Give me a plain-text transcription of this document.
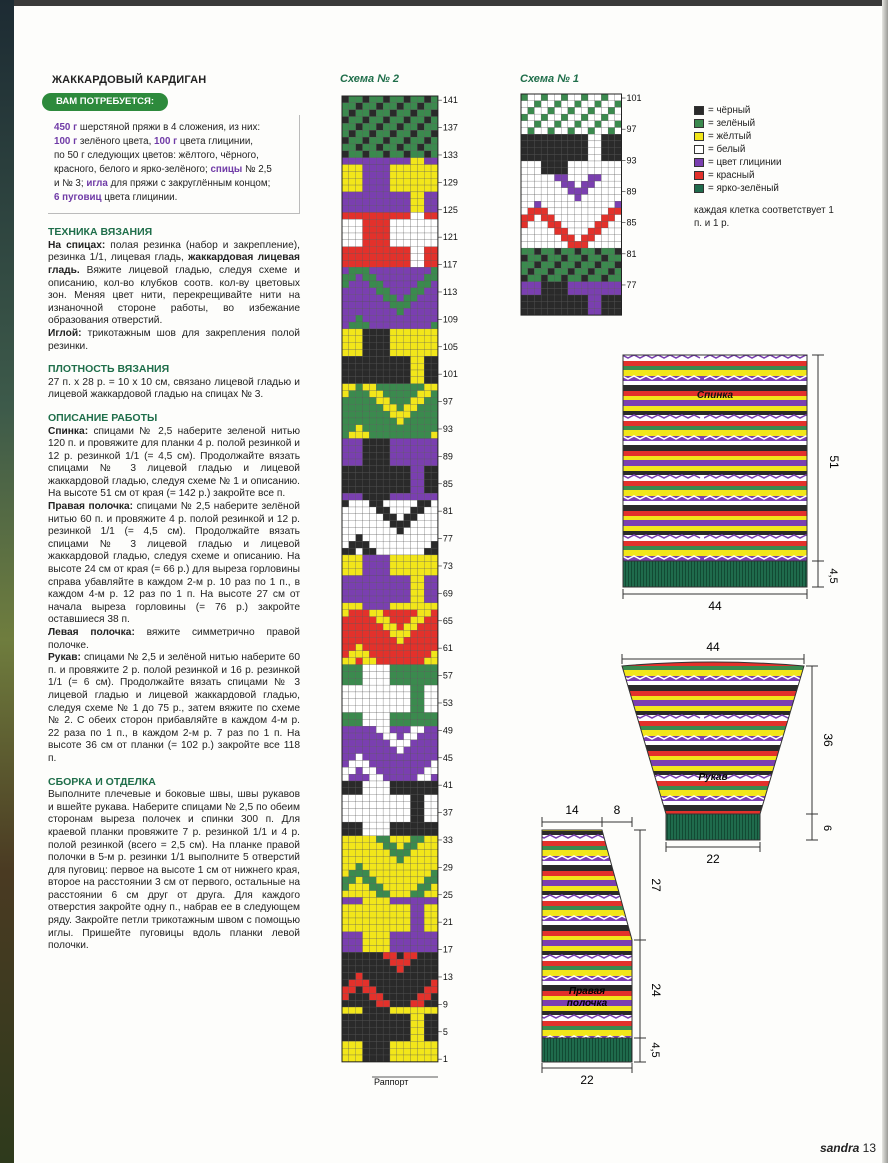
ЖАККАРДОВЫЙ КАРДИГАН
ВАМ ПОТРЕБУЕТСЯ:
450 г шерстяной пряжи в 4 сложения, из них:
100 г зелёного цвета, 100 г цвета глицинии,
по 50 г следующих цветов: жёлтого, чёрного,
красного, белого и ярко-зелёного; спицы № 2,5
и № 3; игла для пряжи с закруглённым концом;
6 пуговиц цвета глицинии.
ТЕХНИКА ВЯЗАНИЯ

На спицах: полая резинка (набор и закрепление), резинка 1/1, лицевая гладь, жаккардовая лицевая гладь. Вяжите лицевой гладью, следуя схеме и описанию, кол-во клубков соотв. кол-ву цветовых зон. Меняя цвет нити, перекрещивайте нити на изнаночной стороне работы, во избежание образования отверстий.
Иглой: трикотажным шов для закрепления полой резинки.

ПЛОТНОСТЬ ВЯЗАНИЯ

27 п. х 28 р. = 10 х 10 см, связано лицевой гладью и лицевой жаккардовой гладью на спицах № 3.

ОПИСАНИЕ РАБОТЫ

Спинка: спицами № 2,5 наберите зеленой нитью 120 п. и провяжите для планки 4 р. полой резинкой и 12 р. резинкой 1/1 (= 4,5 см). Продолжайте вязать спицами № 3 лицевой гладью и лицевой жаккардовой гладью, следуя схеме № 1 и описанию. На высоте 51 см от края (= 142 р.) закройте все п.
Правая полочка: спицами № 2,5 наберите зелёной нитью 60 п. и провяжите 4 р. полой резинкой и 12 р. резинкой 1/1 (= 4,5 см). Продолжайте вязать спицами № 3 лицевой гладью и лицевой жаккардовой гладью, следуя схеме и описанию. На высоте 24 см от края (= 66 р.) для выреза горловины справа убавляйте в каждом 2-м р. 10 раз по 1 п., в каждом 4-м р. 12 раз по 1 п. На высоте 27 см от начала выреза горловины (= 76 р.) закройте оставшиеся 38 п.
Левая полочка: вяжите симметрично правой полочке.
Рукав: спицами № 2,5 и зелёной нитью наберите 60 п. и провяжите 2 р. полой резинкой и 16 р. резинкой 1/1 (= 6 см). Продолжайте вязать спицами № 3 лицевой гладью и лицевой жаккардовой гладью, следуя схеме № 1 до 75 р., затем вяжите по схеме № 2. С обеих сторон прибавляйте в каждом 4-м р. 22 раза по 1 п., в каждом 2-м р. 7 раз по 1 п. На высоте 36 см от планки (= 102 р.) закройте все 118 п.

СБОРКА И ОТДЕЛКА

Выполните плечевые и боковые швы, швы рукавов и вшейте рукава. Наберите спицами № 2,5 по обеим сторонам выреза полочек и спинки 300 п. Для краевой планки провяжите 7 р. резинкой 1/1 и 4 р. полой резинкой (всего = 2,5 см). На планке правой полочки в 5-м р. резинки 1/1 выполните 5 отверстий для пуговиц: первое на высоте 1 см от нижнего края, второе на расстоянии 3 см от первого, остальные на расстоянии 6 см друг от друга. Для каждого отверстия закройте одну п., набрав ее в следующем ряду. Закройте петли трикотажным швом с помощью иглы. Пришейте пуговицы вдоль планки левой полочки.

Схема № 2	Схема № 1
141
137
133
129
125
121
117
113
109
105
101
97
93
89
85
81
77
73
69
65
61
57
53
49
45
41
37
33
29
25
21
17
13
9
5
1
Раппорт
101
97
93
89
85
81
77
= чёрный
= зелёный
= жёлтый
= белый
= цвет глицинии
= красный
= ярко-зелёный
каждая клетка соответствует 1 п. и 1 р.
Спинка
51
4,5
44
44
Рукав
36
6
22
14	8
Правая
полочка
27
24
4,5
22
sandra 13
